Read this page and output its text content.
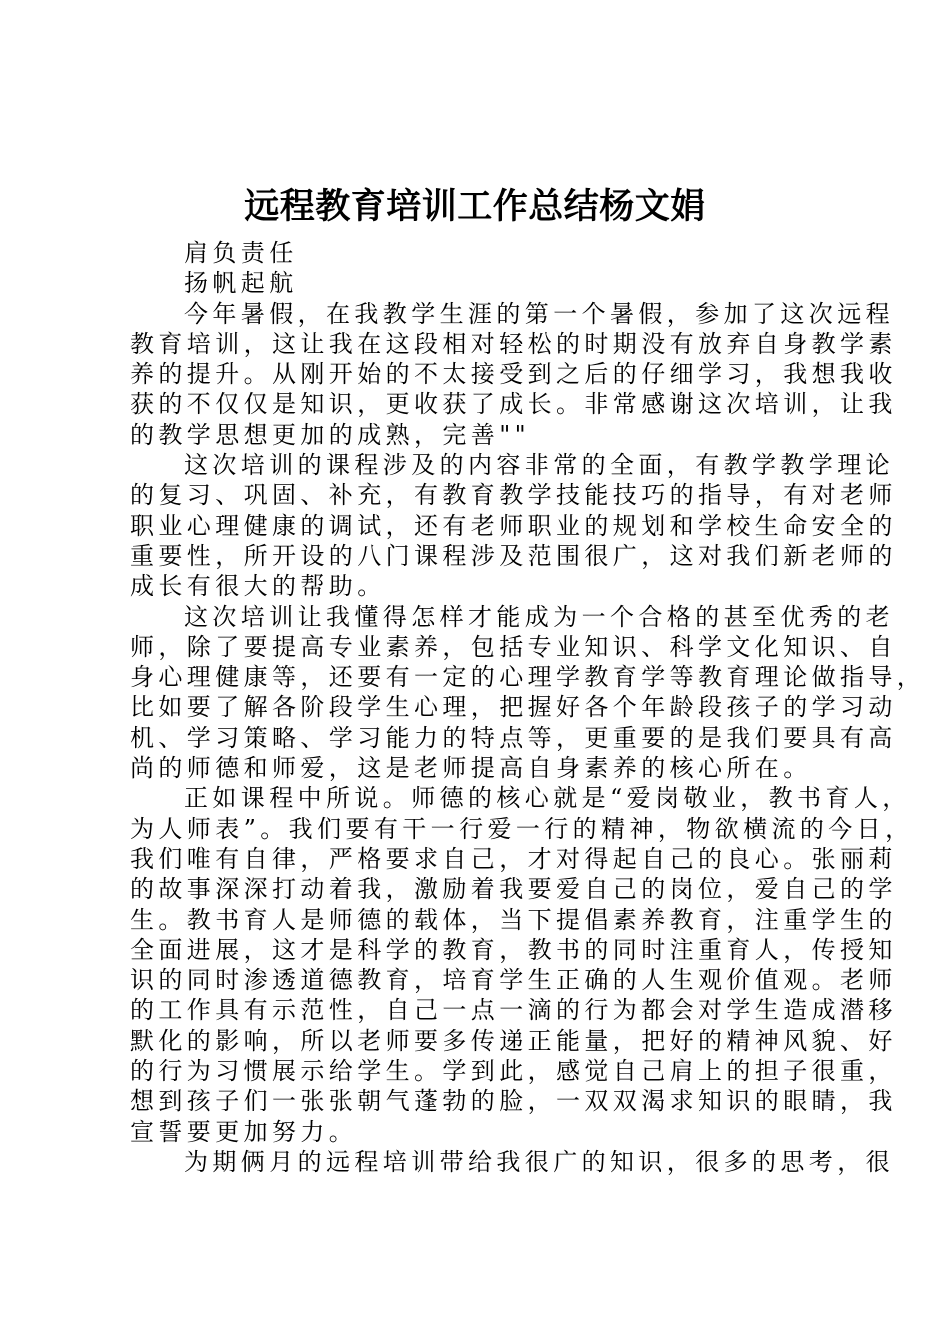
远程教育培训工作总结杨文娟
肩负责任
扬帆起航
今年暑假，在我教学生涯的第一个暑假，参加了这次远程
教育培训，这让我在这段相对轻松的时期没有放弃自身教学素
养的提升。从刚开始的不太接受到之后的仔细学习，我想我收
获的不仅仅是知识，更收获了成长。非常感谢这次培训，让我
的教学思想更加的成熟，完善""
这次培训的课程涉及的内容非常的全面，有教学教学理论
的复习、巩固、补充，有教育教学技能技巧的指导，有对老师
职业心理健康的调试，还有老师职业的规划和学校生命安全的
重要性，所开设的八门课程涉及范围很广，这对我们新老师的
成长有很大的帮助。
这次培训让我懂得怎样才能成为一个合格的甚至优秀的老
师，除了要提高专业素养，包括专业知识、科学文化知识、自
身心理健康等，还要有一定的心理学教育学等教育理论做指导，
比如要了解各阶段学生心理，把握好各个年龄段孩子的学习动
机、学习策略、学习能力的特点等，更重要的是我们要具有高
尚的师德和师爱，这是老师提高自身素养的核心所在。
正如课程中所说。师德的核心就是“爱岗敬业，教书育人，
为人师表”。我们要有干一行爱一行的精神，物欲横流的今日，
我们唯有自律，严格要求自己，才对得起自己的良心。张丽莉
的故事深深打动着我，激励着我要爱自己的岗位，爱自己的学
生。教书育人是师德的载体，当下提倡素养教育，注重学生的
全面进展，这才是科学的教育，教书的同时注重育人，传授知
识的同时渗透道德教育，培育学生正确的人生观价值观。老师
的工作具有示范性，自己一点一滴的行为都会对学生造成潜移
默化的影响，所以老师要多传递正能量，把好的精神风貌、好
的行为习惯展示给学生。学到此，感觉自己肩上的担子很重，
想到孩子们一张张朝气蓬勃的脸，一双双渴求知识的眼睛，我
宣誓要更加努力。
为期俩月的远程培训带给我很广的知识，很多的思考，很
